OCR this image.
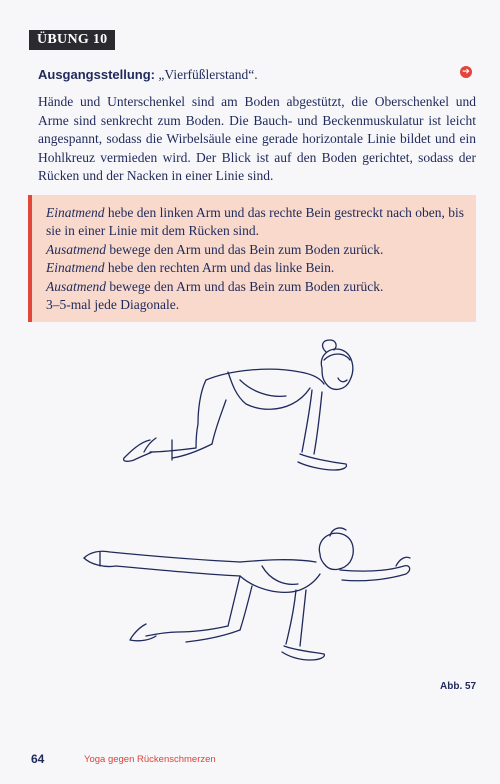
ÜBUNG 10
Ausgangsstellung: „Vierfüßlerstand“.	➔

Hände und Unterschenkel sind am Boden abgestützt, die Oberschenkel und Arme sind senkrecht zum Boden. Die Bauch- und Beckenmuskulatur ist leicht angespannt, sodass die Wirbelsäule eine gerade horizontale Linie bildet und ein Hohlkreuz vermieden wird. Der Blick ist auf den Boden gerichtet, sodass der Rücken und der Nacken in einer Linie sind.

Einatmend hebe den linken Arm und das rechte Bein gestreckt nach oben, bis sie in einer Linie mit dem Rücken sind.
Ausatmend bewege den Arm und das Bein zum Boden zurück.
Einatmend hebe den rechten Arm und das linke Bein.
Ausatmend bewege den Arm und das Bein zum Boden zurück.
3–5-mal jede Diagonale.
Abb. 57
64	Yoga gegen Rückenschmerzen
